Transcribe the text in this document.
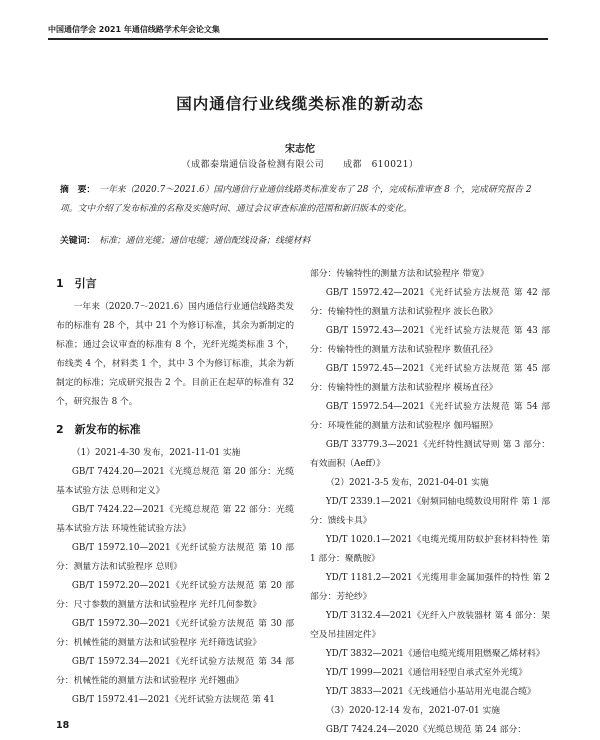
中国通信学会 2021 年通信线路学术年会论文集
国内通信行业线缆类标准的新动态
宋志佗
（成都泰瑞通信设备检测有限公司　　成都　610021）
摘　要： 一年来（2020.7～2021.6）国内通信行业通信线路类标准发布了 28 个，完成标准审查 8 个，完成研究报告 2 项。文中介绍了发布标准的名称及实施时间、通过会议审查标准的范围和新旧版本的变化。
关键词： 标准；通信光缆；通信电缆；通信配线设备；线缆材料
1　引言

一年来（2020.7～2021.6）国内通信行业通信线路类发布的标准有 28 个，其中 21 个为修订标准，其余为新制定的标准；通过会议审查的标准有 8 个，光纤光缆类标准 3 个，布线类 4 个，材料类 1 个，其中 3 个为修订标准，其余为新制定的标准；完成研究报告 2 个。目前正在起草的标准有 32 个，研究报告 8 个。

2　新发布的标准

（1）2021-4-30 发布，2021-11-01 实施

GB/T 7424.20—2021《光缆总规范 第 20 部分：光缆基本试验方法 总则和定义》

GB/T 7424.22—2021《光缆总规范 第 22 部分：光缆基本试验方法 环境性能试验方法》

GB/T 15972.10—2021《光纤试验方法规范 第 10 部分：测量方法和试验程序 总则》

GB/T 15972.20—2021《光纤试验方法规范 第 20 部分：尺寸参数的测量方法和试验程序 光纤几何参数》

GB/T 15972.30—2021《光纤试验方法规范 第 30 部分：机械性能的测量方法和试验程序 光纤筛选试验》

GB/T 15972.34—2021《光纤试验方法规范 第 34 部分：机械性能的测量方法和试验程序 光纤翘曲》

GB/T 15972.41—2021《光纤试验方法规范 第 41

部分：传输特性的测量方法和试验程序 带宽》

GB/T 15972.42—2021《光纤试验方法规范 第 42 部分：传输特性的测量方法和试验程序 波长色散》

GB/T 15972.43—2021《光纤试验方法规范 第 43 部分：传输特性的测量方法和试验程序 数值孔径》

GB/T 15972.45—2021《光纤试验方法规范 第 45 部分：传输特性的测量方法和试验程序 模场直径》

GB/T 15972.54—2021《光纤试验方法规范 第 54 部分：环境性能的测量方法和试验程序 伽玛辐照》

GB/T 33779.3—2021《光纤特性测试导则 第 3 部分：有效面积（Aeff）》

（2）2021-3-5 发布，2021-04-01 实施

YD/T 2339.1—2021《射频同轴电缆数设用附件 第 1 部分：馈线卡具》

YD/T 1020.1—2021《电缆光缆用防蚁护套材料特性 第 1 部分：聚酰胺》

YD/T 1181.2—2021《光缆用非金属加强件的特性 第 2 部分：芳纶纱》

YD/T 3132.4—2021《光纤入户放装器材 第 4 部分：架空及吊挂固定件》

YD/T 3832—2021《通信电缆光缆用阻燃聚乙烯材料》

YD/T 1999—2021《通信用轻型自承式室外光缆》

YD/T 3833—2021《无线通信小基站用光电混合缆》

（3）2020-12-14 发布，2021-07-01 实施

GB/T 7424.24—2020《光缆总规范 第 24 部分：

18
